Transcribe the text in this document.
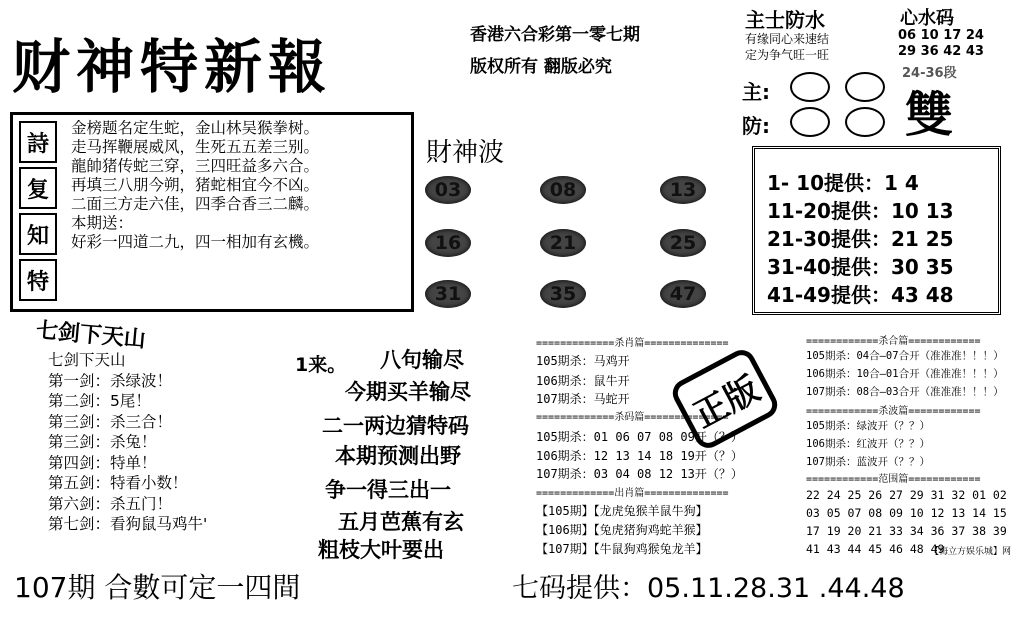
财神特新報	香港六合彩第一零七期
版权所有 翻版必究
主士防水	心水码
有缘同心来速结
定为争气旺一旺
06 10 17 24
29 36 42 43
24-36段
雙
主:
防:
詩
复
知
特
金榜题名定生蛇，金山林吴猴拳树。
走马挥鞭展威风，生死五五差三别。
龍帥猪传蛇三穿，三四旺益多六合。
再填三八朋今朔，猪蛇相宜今不凶。
二面三方走六佳，四季合香三二麟。
本期送：
好彩一四道二九，四一相加有玄機。
財神波
03	08	13
16	21	25
31	35	47
1- 10提供：1 4
11-20提供：10 13
21-30提供：21 25
31-40提供：30 35
41-49提供：43 48
七剑下天山
七剑下天山
第一剑：杀绿波！
第二剑：5尾！
第三剑：杀三合！
第三剑：杀兔！
第四剑：特单！
第五剑：特看小数！
第六剑：杀五门！
第七剑：看狗鼠马鸡牛'
1来。 八句输尽
今期买羊输尽
二一两边猜特码
本期预测出野
争一得三出一
五月芭蕉有玄
粗枝大叶要出
=============杀肖篇==============
105期杀：马鸡开
106期杀：鼠牛开
107期杀：马蛇开
=============杀码篇==============
105期杀：01 06 07 08 09开（？）
106期杀：12 13 14 18 19开（？）
107期杀：03 04 08 12 13开（？）
=============出肖篇==============
【105期】【龙虎兔猴羊鼠牛狗】
【106期】【兔虎猪狗鸡蛇羊猴】
【107期】【牛鼠狗鸡猴兔龙羊】
正版
============杀合篇============
105期杀：04合—07合开（准准准！！！）
106期杀：10合—01合开（准准准！！！）
107期杀：08合—03合开（准准准！！！）
============杀波篇============
105期杀：绿波开（？？）
106期杀：红波开（？？）
107期杀：蓝波开（？？）
============范围篇============
22 24 25 26 27 29 31 32 01 02
03 05 07 08 09 10 12 13 14 15
17 19 20 21 33 34 36 37 38 39
41 43 44 45 46 48 49
【梅立方娱乐城】网
107期 合數可定一四間	七码提供：05.11.28.31 .44.48
